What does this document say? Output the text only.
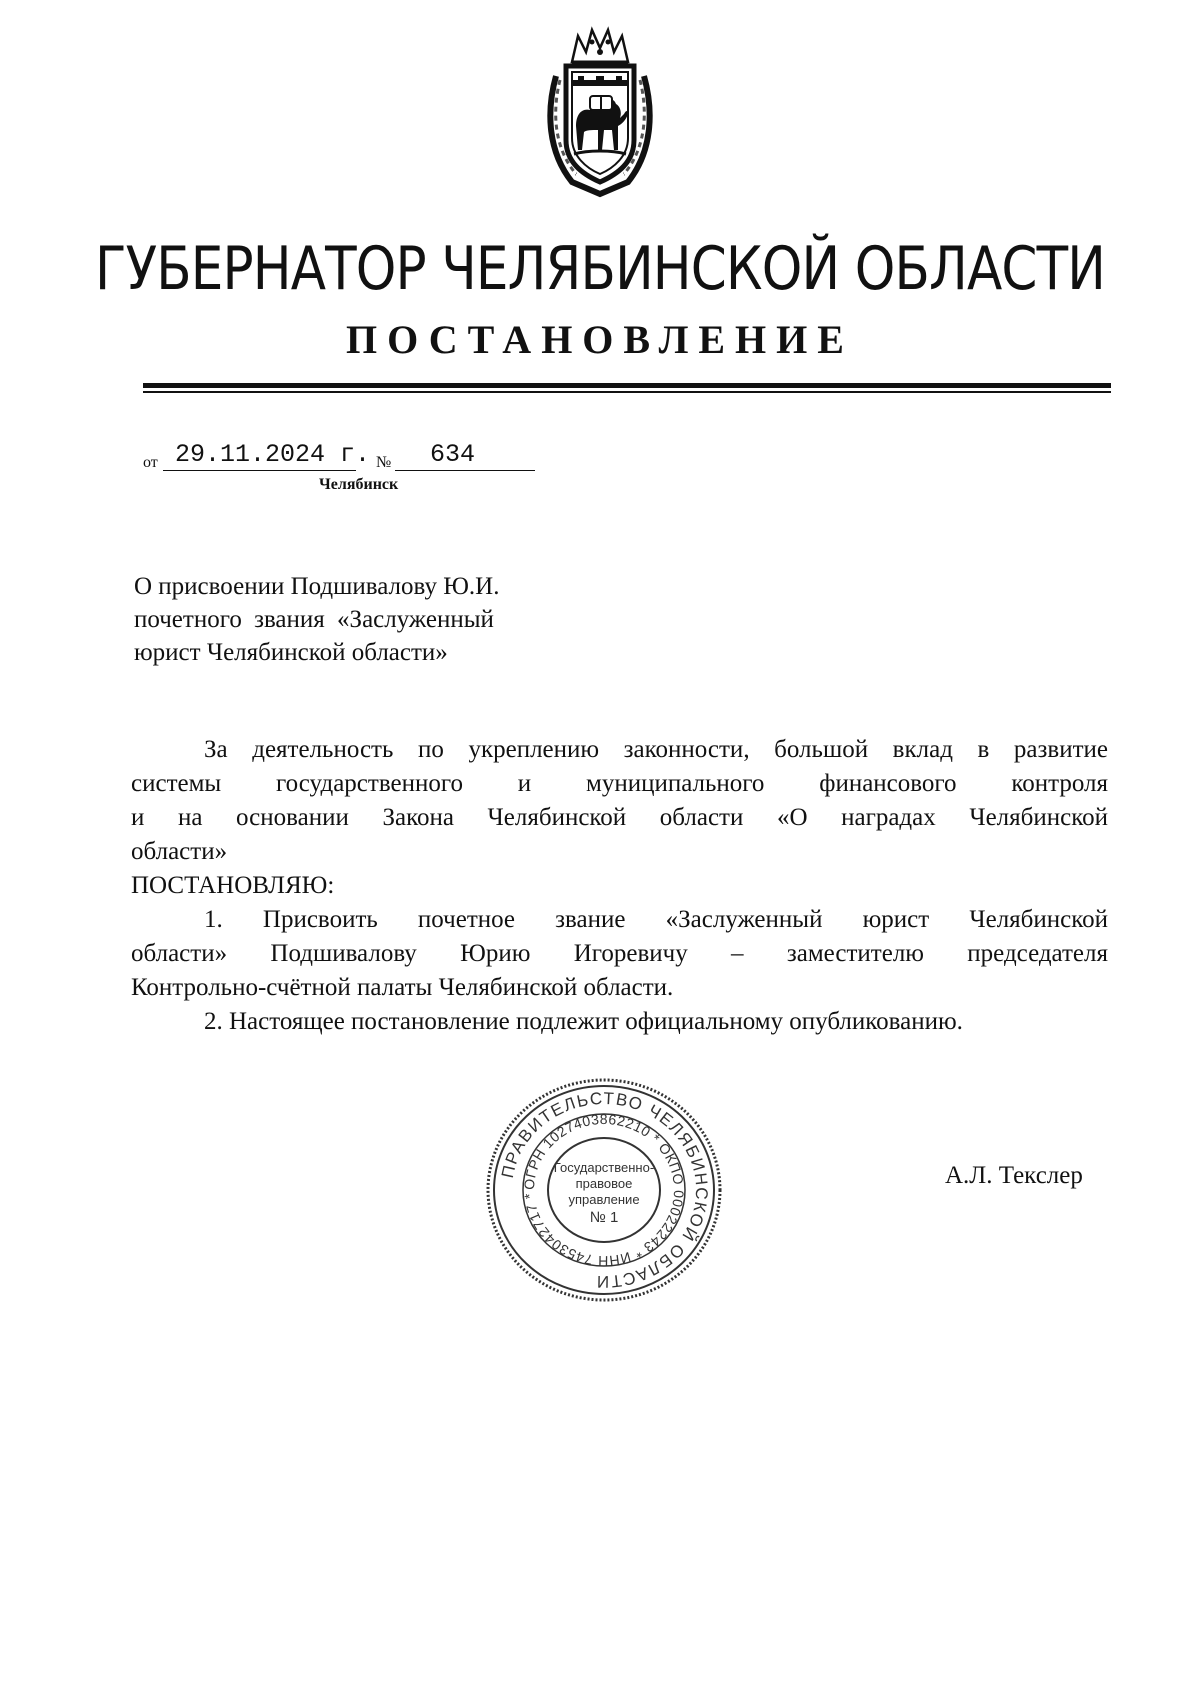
ГУБЕРНАТОР ЧЕЛЯБИНСКОЙ ОБЛАСТИ
ПОСТАНОВЛЕНИЕ
от 29.11.2024 г. № 634
Челябинск
О присвоении Подшивалову Ю.И.
почетного звания «Заслуженный
юрист Челябинской области»

За деятельность по укреплению законности, большой вклад в развитие

системы государственного и муниципального финансового контроля

и на основании Закона Челябинской области «О наградах Челябинской

области»

ПОСТАНОВЛЯЮ:

1. Присвоить почетное звание «Заслуженный юрист Челябинской

области» Подшивалову Юрию Игоревичу – заместителю председателя

Контрольно-счётной палаты Челябинской области.

2. Настоящее постановление подлежит официальному опубликованию.

ПРАВИТЕЛЬСТВО ЧЕЛЯБИНСКОЙ ОБЛАСТИ
ОГРН 1027403862210 * ОКПО 00022243 * ИНН 7453042717 *
Государственно-
правовое
управление
№ 1
А.Л. Текслер
